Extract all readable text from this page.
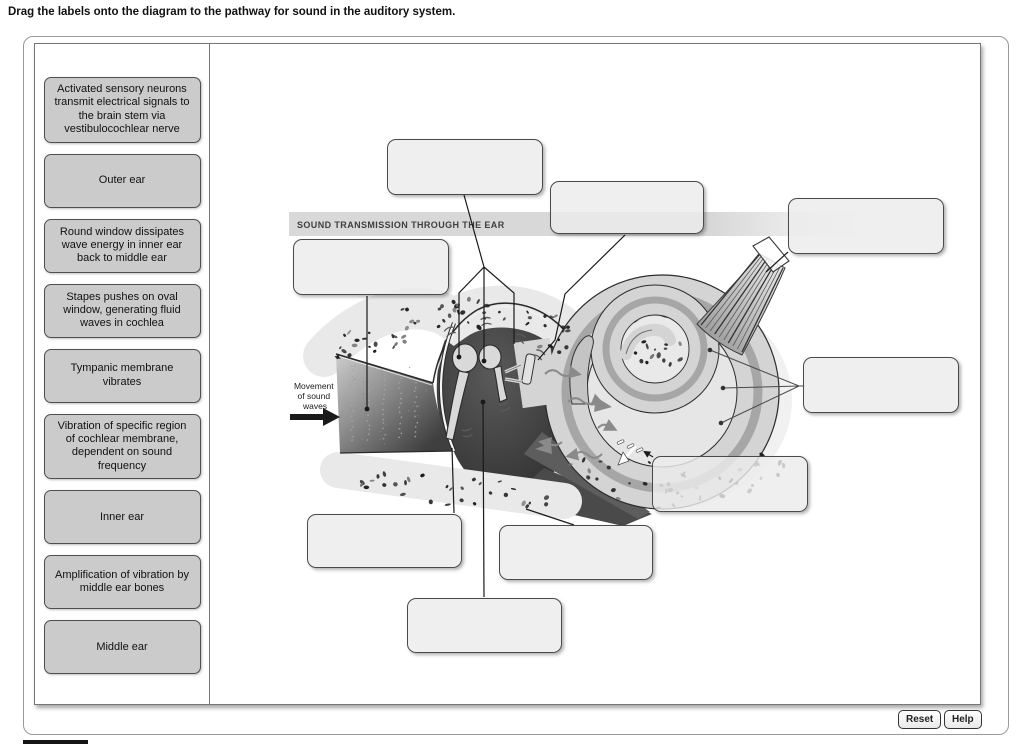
Drag the labels onto the diagram to the pathway for sound in the auditory system.
Activated sensory neurons transmit electrical signals to the brain stem via vestibulocochlear nerve
Outer ear
Round window dissipates wave energy in inner ear back to middle ear
Stapes pushes on oval window, generating fluid waves in cochlea
Tympanic membrane vibrates
Vibration of specific region of cochlear membrane, dependent on sound frequency
Inner ear
Amplification of vibration by middle ear bones
Middle ear
SOUND TRANSMISSION THROUGH THE EAR
Movement of sound waves
Reset	Help
